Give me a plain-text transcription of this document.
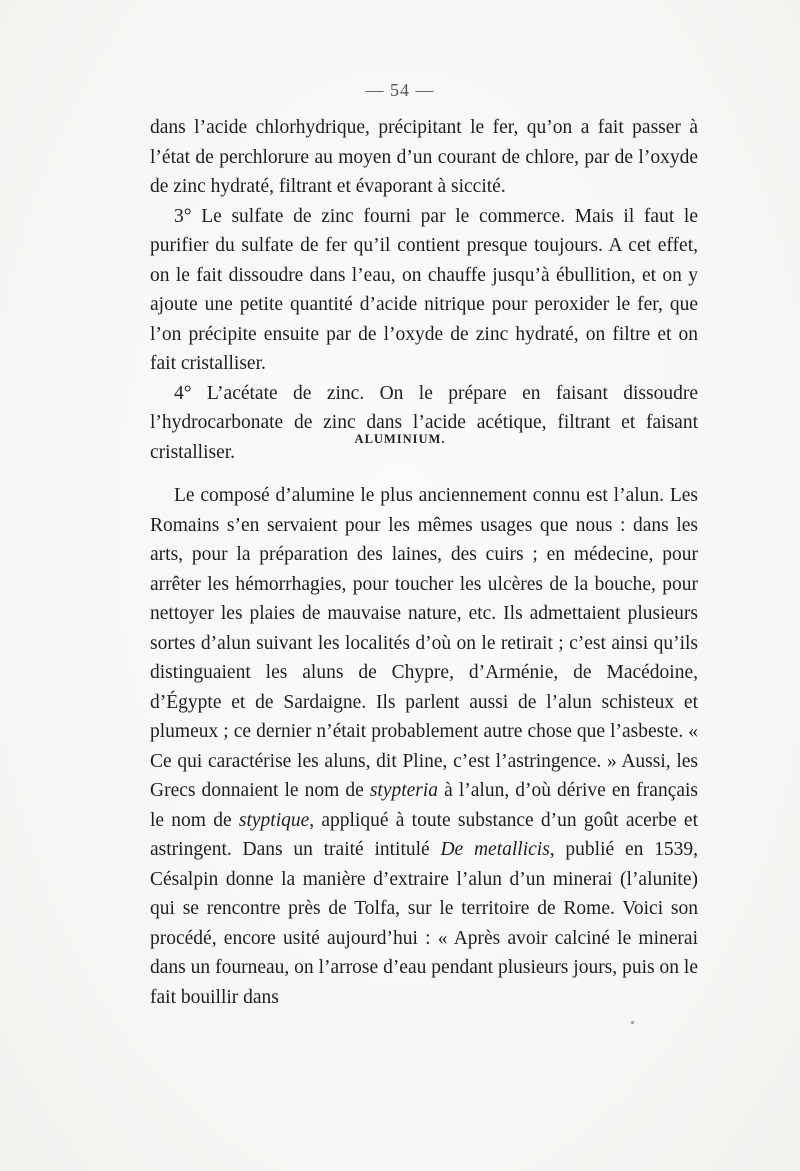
— 54 —

dans l’acide chlorhydrique, précipitant le fer, qu’on a fait passer à l’état de perchlorure au moyen d’un courant de chlore, par de l’oxyde de zinc hydraté, filtrant et évaporant à siccité.

3° Le sulfate de zinc fourni par le commerce. Mais il faut le purifier du sulfate de fer qu’il contient presque toujours. A cet effet, on le fait dissoudre dans l’eau, on chauffe jusqu’à ébullition, et on y ajoute une petite quantité d’acide nitrique pour peroxider le fer, que l’on précipite ensuite par de l’oxyde de zinc hydraté, on filtre et on fait cristalliser.

4° L’acétate de zinc. On le prépare en faisant dissoudre l’hydrocarbonate de zinc dans l’acide acétique, filtrant et faisant cristalliser.

ALUMINIUM.

Le composé d’alumine le plus anciennement connu est l’alun. Les Romains s’en servaient pour les mêmes usages que nous : dans les arts, pour la préparation des laines, des cuirs ; en médecine, pour arrêter les hémorrhagies, pour toucher les ulcères de la bouche, pour nettoyer les plaies de mauvaise nature, etc. Ils admettaient plusieurs sortes d’alun suivant les localités d’où on le retirait ; c’est ainsi qu’ils distinguaient les aluns de Chypre, d’Arménie, de Macédoine, d’Égypte et de Sardaigne. Ils parlent aussi de l’alun schisteux et plumeux ; ce dernier n’était probablement autre chose que l’asbeste. « Ce qui caractérise les aluns, dit Pline, c’est l’astringence. » Aussi, les Grecs donnaient le nom de stypteria à l’alun, d’où dérive en français le nom de styptique, appliqué à toute substance d’un goût acerbe et astringent. Dans un traité intitulé De metallicis, publié en 1539, Césalpin donne la manière d’extraire l’alun d’un minerai (l’alunite) qui se rencontre près de Tolfa, sur le territoire de Rome. Voici son procédé, encore usité aujourd’hui : « Après avoir calciné le minerai dans un fourneau, on l’arrose d’eau pendant plusieurs jours, puis on le fait bouillir dans
